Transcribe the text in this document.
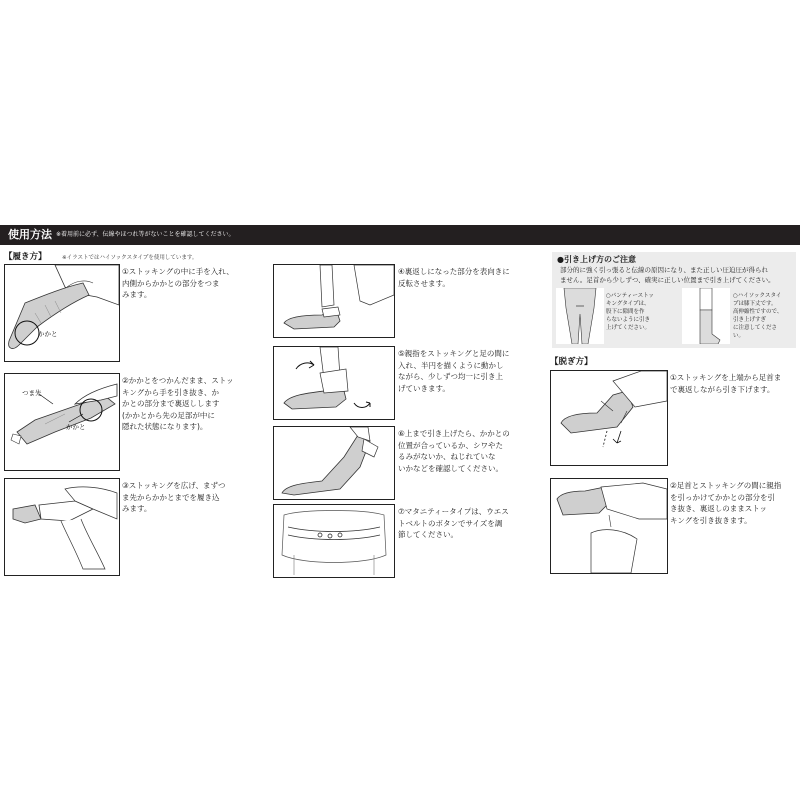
使用方法 ※着用前に必ず、伝線やほつれ等がないことを確認してください。
【履き方】	※イラストではハイソックスタイプを使用しています。
かかと
①ストッキングの中に手を入れ、
内側からかかとの部分をつま
みます。
つま先
かかと
②かかとをつかんだまま、ストッ
キングから手を引き抜き、か
かとの部分まで裏返しします
(かかとから先の足部が中に
隠れた状態になります)。
③ストッキングを広げ、まずつ
ま先からかかとまでを履き込
みます。
④裏返しになった部分を表向きに
反転させます。
⑤親指をストッキングと足の間に
入れ、半円を描くように動かし
ながら、少しずつ均一に引き上
げていきます。
⑥上まで引き上げたら、かかとの
位置が合っているか、シワやた
るみがないか、ねじれていな
いかなどを確認してください。
⑦マタニティータイプは、ウエス
トベルトのボタンでサイズを調
節してください。
●引き上げ方のご注意
部分的に強く引っ張ると伝線の原因になり、また正しい圧迫圧が得られ
ません。足首から少しずつ、確実に正しい位置まで引き上げてください。
○パンティーストッ
キングタイプは、
股下に隙間を作
らないように引き
上げてください。
○ハイソックスタイ
プは膝下丈です。
高伸縮性ですので、
引き上げすぎ
に注意してくださ
い。
【脱ぎ方】
①ストッキングを上端から足首ま
で裏返しながら引き下げます。
②足首とストッキングの間に親指
を引っかけてかかとの部分を引
き抜き、裏返しのままストッ
キングを引き抜きます。
